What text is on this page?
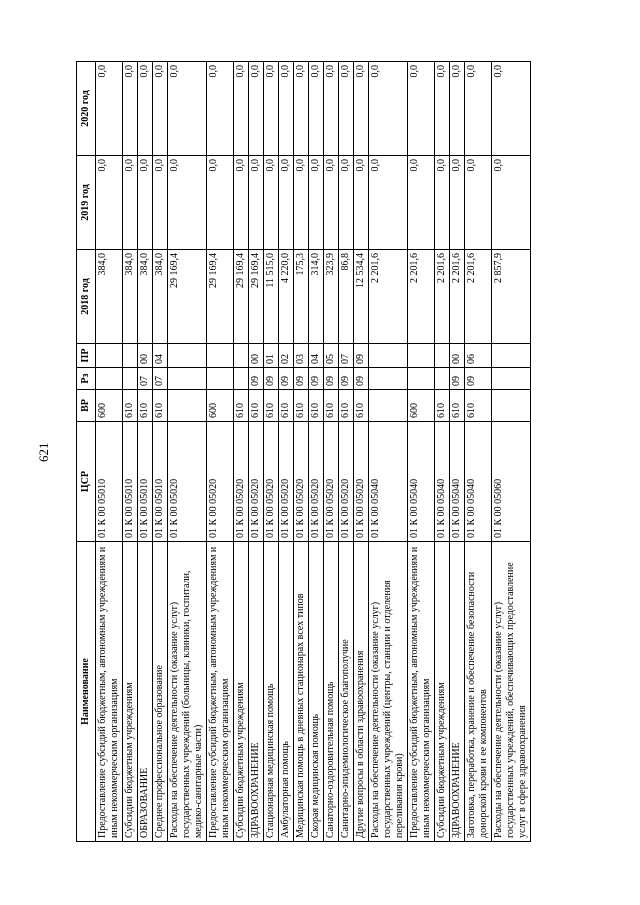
621
Наименование	ЦСР	ВР	Рз	ПР	2018 год	2019 год	2020 год
Предоставление субсидий бюджетным, автономным учреждениям и иным некоммерческим организациям	01 К 00 05010	600			384,0	0,0	0,0
Субсидии бюджетным учреждениям	01 К 00 05010	610			384,0	0,0	0,0
ОБРАЗОВАНИЕ	01 К 00 05010	610	07	00	384,0	0,0	0,0
Среднее профессиональное образование	01 К 00 05010	610	07	04	384,0	0,0	0,0
Расходы на обеспечение деятельности (оказание услуг) государственных учреждений (больницы, клиники, госпитали, медико-санитарные части)	01 К 00 05020				29 169,4	0,0	0,0
Предоставление субсидий бюджетным, автономным учреждениям и иным некоммерческим организациям	01 К 00 05020	600			29 169,4	0,0	0,0
Субсидии бюджетным учреждениям	01 К 00 05020	610			29 169,4	0,0	0,0
ЗДРАВООХРАНЕНИЕ	01 К 00 05020	610	09	00	29 169,4	0,0	0,0
Стационарная медицинская помощь	01 К 00 05020	610	09	01	11 515,0	0,0	0,0
Амбулаторная помощь	01 К 00 05020	610	09	02	4 220,0	0,0	0,0
Медицинская помощь в дневных стационарах всех типов	01 К 00 05020	610	09	03	175,3	0,0	0,0
Скорая медицинская помощь	01 К 00 05020	610	09	04	314,0	0,0	0,0
Санаторно-оздоровительная помощь	01 К 00 05020	610	09	05	323,9	0,0	0,0
Санитарно-эпидемиологическое благополучие	01 К 00 05020	610	09	07	86,8	0,0	0,0
Другие вопросы в области здравоохранения	01 К 00 05020	610	09	09	12 534,4	0,0	0,0
Расходы на обеспечение деятельности (оказание услуг) государственных учреждений (центры, станции и отделения переливания крови)	01 К 00 05040				2 201,6	0,0	0,0
Предоставление субсидий бюджетным, автономным учреждениям и иным некоммерческим организациям	01 К 00 05040	600			2 201,6	0,0	0,0
Субсидии бюджетным учреждениям	01 К 00 05040	610			2 201,6	0,0	0,0
ЗДРАВООХРАНЕНИЕ	01 К 00 05040	610	09	00	2 201,6	0,0	0,0
Заготовка, переработка, хранение и обеспечение безопасности донорской крови и ее компонентов	01 К 00 05040	610	09	06	2 201,6	0,0	0,0
Расходы на обеспечение деятельности (оказание услуг) государственных учреждений, обеспечивающих предоставление услуг в сфере здравоохранения	01 К 00 05060				2 857,9	0,0	0,0
